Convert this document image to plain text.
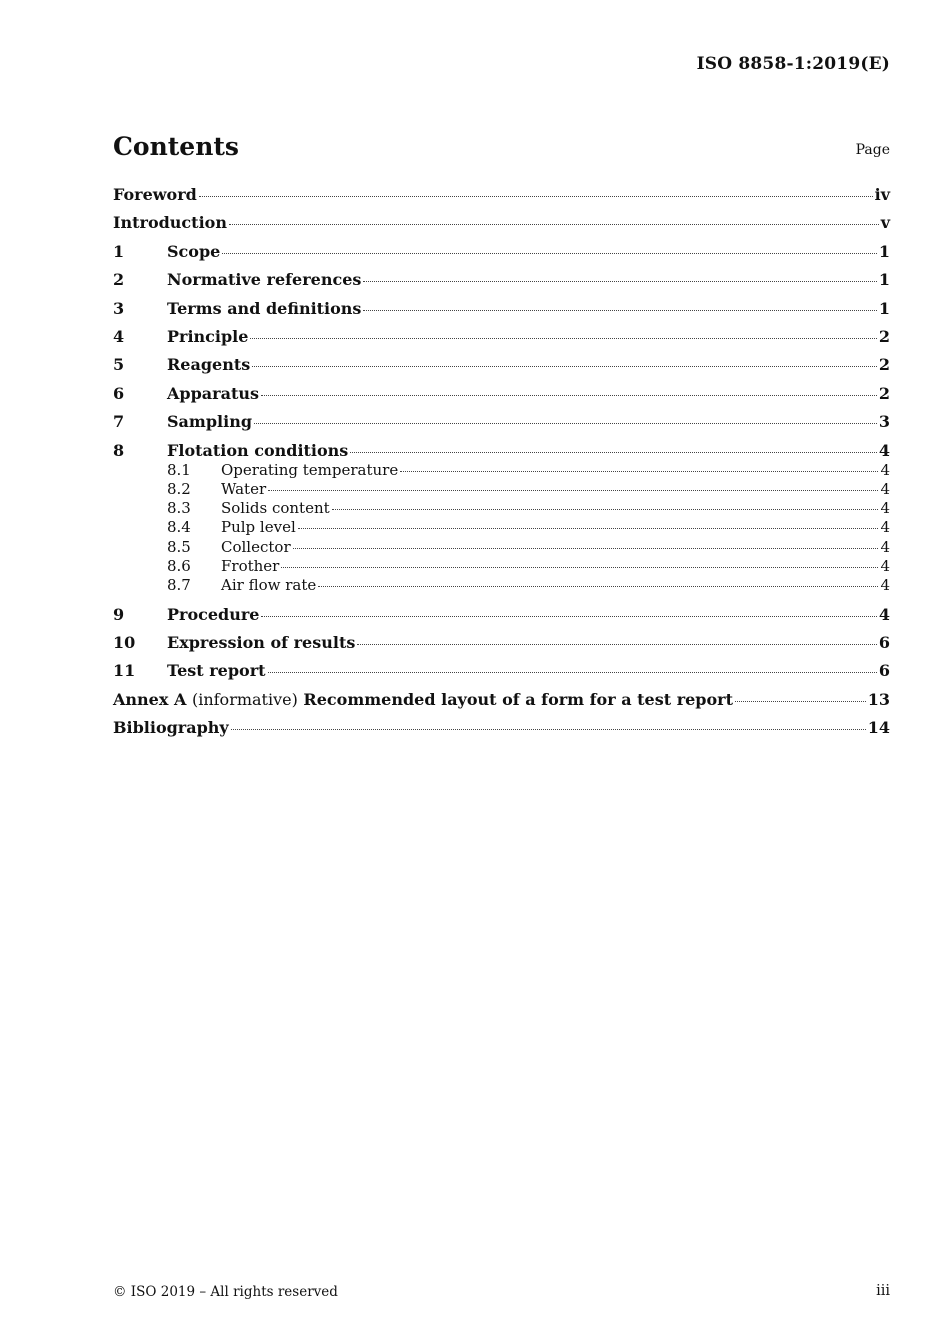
ISO 8858-1:2019(E)
Contents	Page
Foreword	iv
Introduction	v
1	Scope	1
2	Normative references	1
3	Terms and definitions	1
4	Principle	2
5	Reagents	2
6	Apparatus	2
7	Sampling	3
8	Flotation conditions	4
8.1	Operating temperature	4
8.2	Water	4
8.3	Solids content	4
8.4	Pulp level	4
8.5	Collector	4
8.6	Frother	4
8.7	Air flow rate	4
9	Procedure	4
10	Expression of results	6
11	Test report	6
Annex A (informative) Recommended layout of a form for a test report	13
Bibliography	14
© ISO 2019 – All rights reserved	iii
